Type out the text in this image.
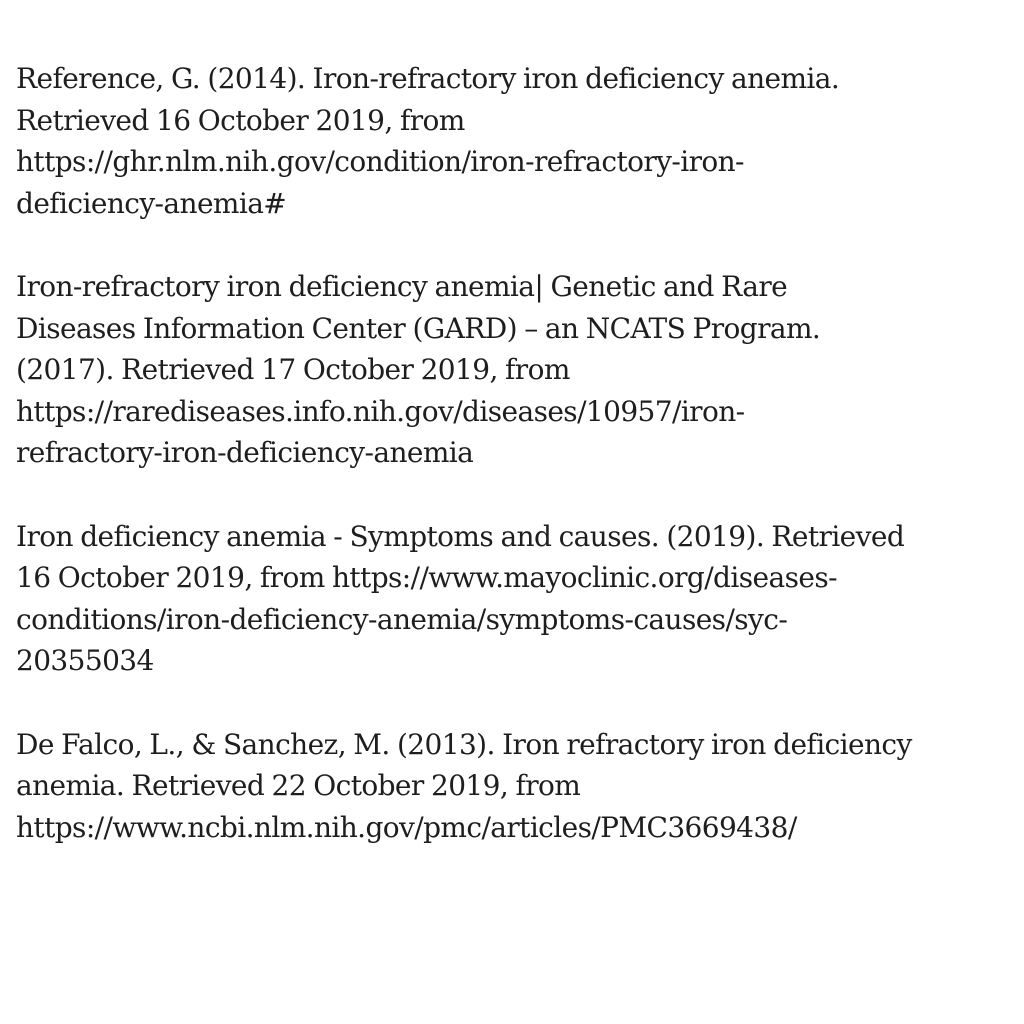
Reference, G. (2014). Iron-refractory iron deficiency anemia.
Retrieved 16 October 2019, from
https://ghr.nlm.nih.gov/condition/iron-refractory-iron-
deficiency-anemia#
Iron-refractory iron deficiency anemia| Genetic and Rare
Diseases Information Center (GARD) – an NCATS Program.
(2017). Retrieved 17 October 2019, from
https://rarediseases.info.nih.gov/diseases/10957/iron-
refractory-iron-deficiency-anemia
Iron deficiency anemia - Symptoms and causes. (2019). Retrieved
16 October 2019, from https://www.mayoclinic.org/diseases-
conditions/iron-deficiency-anemia/symptoms-causes/syc-
20355034
De Falco, L., & Sanchez, M. (2013). Iron refractory iron deficiency
anemia. Retrieved 22 October 2019, from
https://www.ncbi.nlm.nih.gov/pmc/articles/PMC3669438/
